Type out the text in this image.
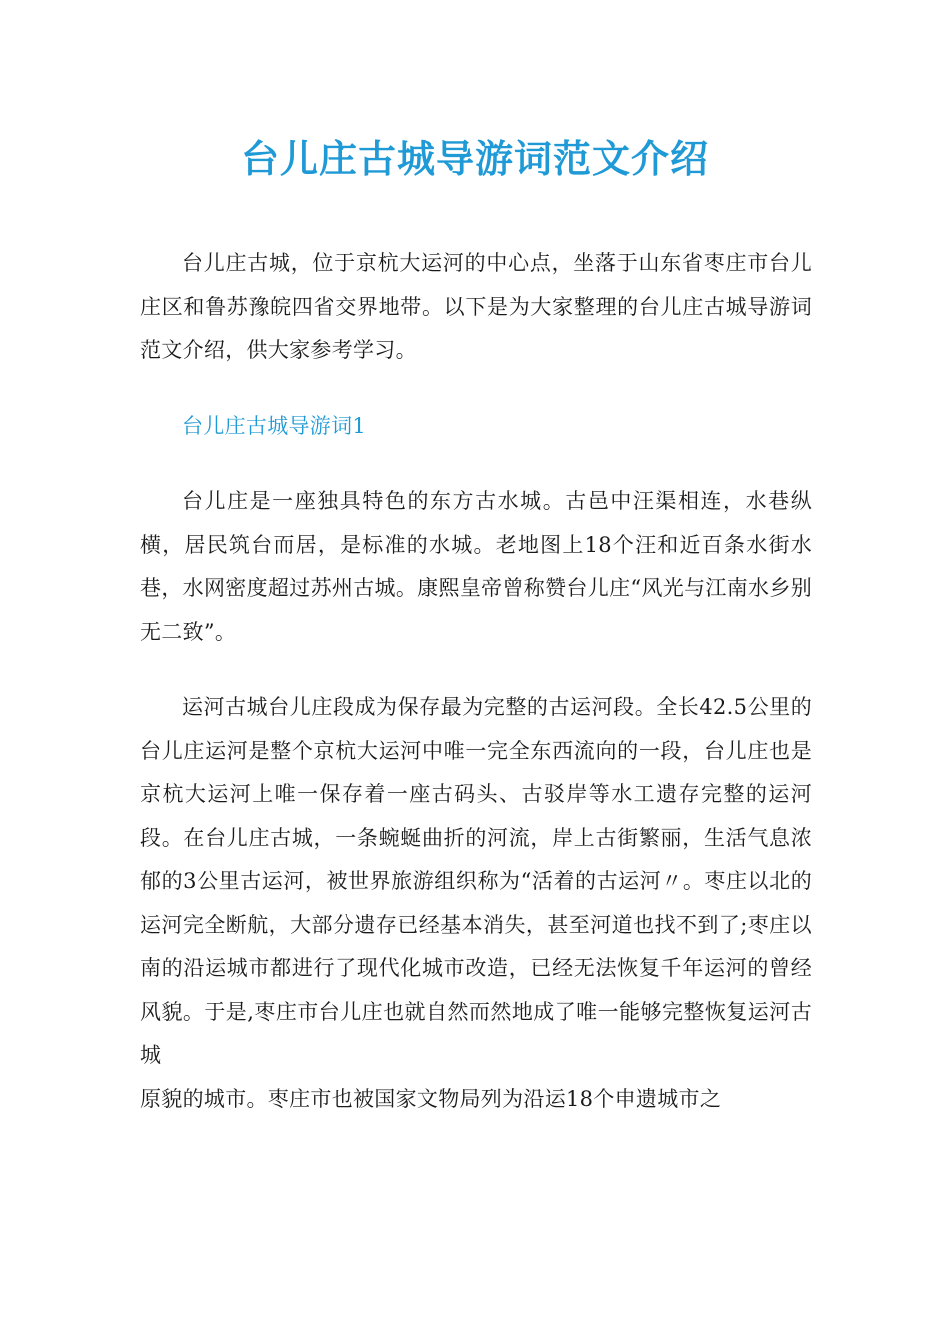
台儿庄古城导游词范文介绍

台儿庄古城，位于京杭大运河的中心点，坐落于山东省枣庄市台儿庄区和鲁苏豫皖四省交界地带。以下是为大家整理的台儿庄古城导游词范文介绍，供大家参考学习。

台儿庄古城导游词1

台儿庄是一座独具特色的东方古水城。古邑中汪渠相连，水巷纵横，居民筑台而居，是标准的水城。老地图上18个汪和近百条水街水巷，水网密度超过苏州古城。康熙皇帝曾称赞台儿庄“风光与江南水乡别无二致”。

运河古城台儿庄段成为保存最为完整的古运河段。全长42.5公里的台儿庄运河是整个京杭大运河中唯一完全东西流向的一段，台儿庄也是京杭大运河上唯一保存着一座古码头、古驳岸等水工遗存完整的运河段。在台儿庄古城，一条蜿蜒曲折的河流，岸上古街繁丽，生活气息浓郁的3公里古运河，被世界旅游组织称为“活着的古运河〃。枣庄以北的运河完全断航，大部分遗存已经基本消失，甚至河道也找不到了;枣庄以南的沿运城市都进行了现代化城市改造，已经无法恢复千年运河的曾经风貌。于是,枣庄市台儿庄也就自然而然地成了唯一能够完整恢复运河古城

原貌的城市。枣庄市也被国家文物局列为沿运18个申遗城市之
